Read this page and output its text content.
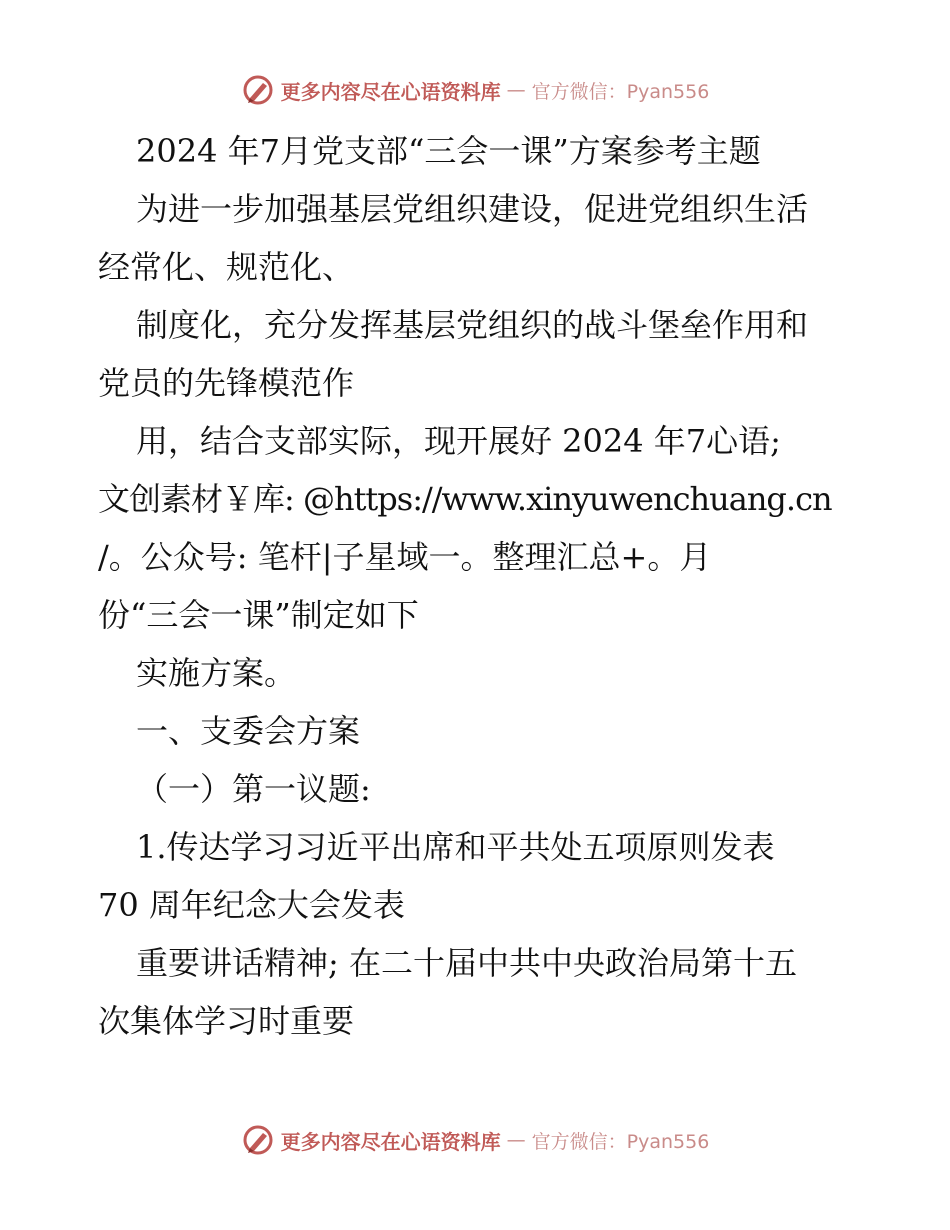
更多内容尽在心语资料库 — 官方微信：Pyan556
2024 年7月党支部“三会一课”方案参考主题
为进一步加强基层党组织建设，促进党组织生活
经常化、规范化、
制度化，充分发挥基层党组织的战斗堡垒作用和
党员的先锋模范作
用，结合支部实际，现开展好 2024 年7心语;
文创素材￥库: @https://www.xinyuwenchuang.cn
/。公众号: 笔杆|子星域一。整理汇总+。月
份“三会一课”制定如下
实施方案。
一、支委会方案
（一）第一议题:
1.传达学习习近平出席和平共处五项原则发表
70 周年纪念大会发表
重要讲话精神; 在二十届中共中央政治局第十五
次集体学习时重要
更多内容尽在心语资料库 — 官方微信：Pyan556
